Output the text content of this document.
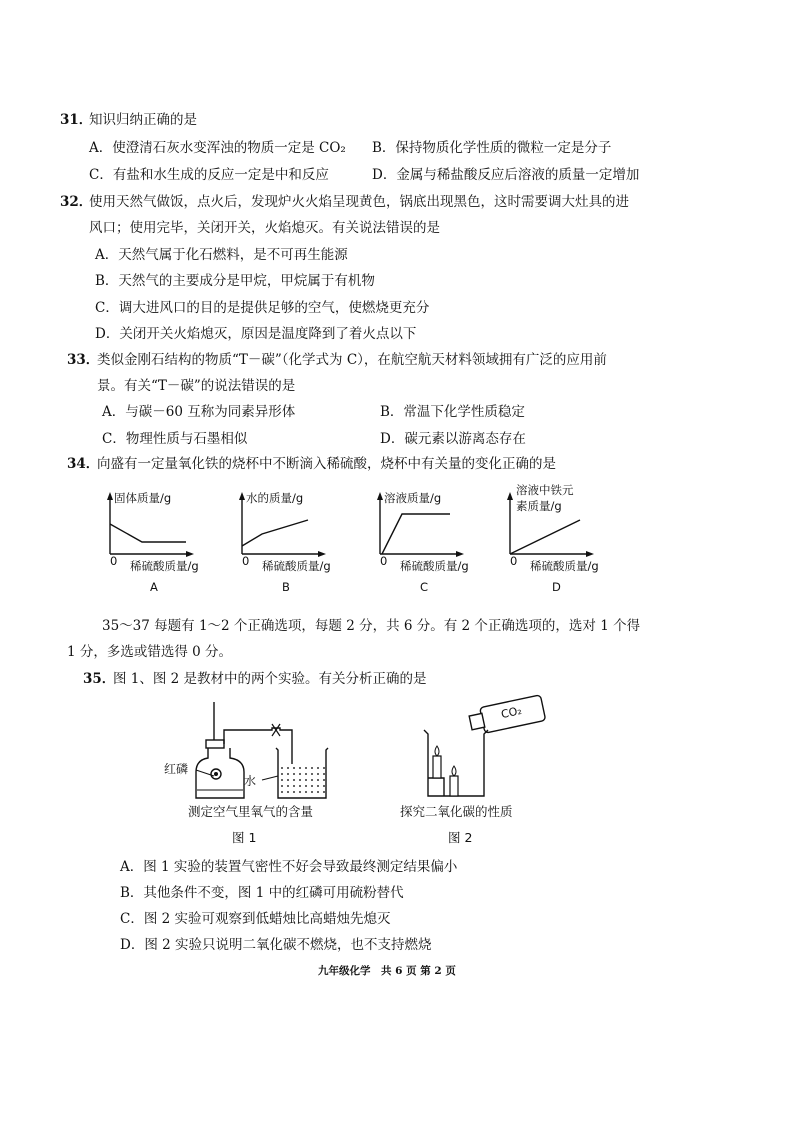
31．
知识归纳正确的是
A．使澄清石灰水变浑浊的物质一定是 CO₂ B．保持物质化学性质的微粒一定是分子
C．有盐和水生成的反应一定是中和反应	D．金属与稀盐酸反应后溶液的质量一定增加
32．
使用天然气做饭，点火后，发现炉火火焰呈现黄色，锅底出现黑色，这时需要调大灶具的进
风口；使用完毕，关闭开关，火焰熄灭。有关说法错误的是
A．天然气属于化石燃料，是不可再生能源
B．天然气的主要成分是甲烷，甲烷属于有机物
C．调大进风口的目的是提供足够的空气，使燃烧更充分
D．关闭开关火焰熄灭，原因是温度降到了着火点以下
33．
类似金刚石结构的物质“T－碳”（化学式为 C），在航空航天材料领域拥有广泛的应用前
景。有关“T－碳”的说法错误的是
A．与碳－60 互称为同素异形体	B．常温下化学性质稳定
C．物理性质与石墨相似	D．碳元素以游离态存在
34．
向盛有一定量氧化铁的烧杯中不断滴入稀硫酸，烧杯中有关量的变化正确的是
固体质量/g
0 稀硫酸质量/g
A
水的质量/g
0 稀硫酸质量/g
B
溶液质量/g
0 稀硫酸质量/g
C
溶液中铁元
素质量/g
0 稀硫酸质量/g
D
35～37 每题有 1～2 个正确选项，每题 2 分，共 6 分。有 2 个正确选项的，选对 1 个得
1 分，多选或错选得 0 分。
35．
图 1、图 2 是教材中的两个实验。有关分析正确的是
红磷
水
测定空气里氧气的含量
图 1
CO₂
探究二氧化碳的性质
图 2
A．图 1 实验的装置气密性不好会导致最终测定结果偏小
B．其他条件不变，图 1 中的红磷可用硫粉替代
C．图 2 实验可观察到低蜡烛比高蜡烛先熄灭
D．图 2 实验只说明二氧化碳不燃烧，也不支持燃烧
九年级化学　共 6 页 第 2 页
